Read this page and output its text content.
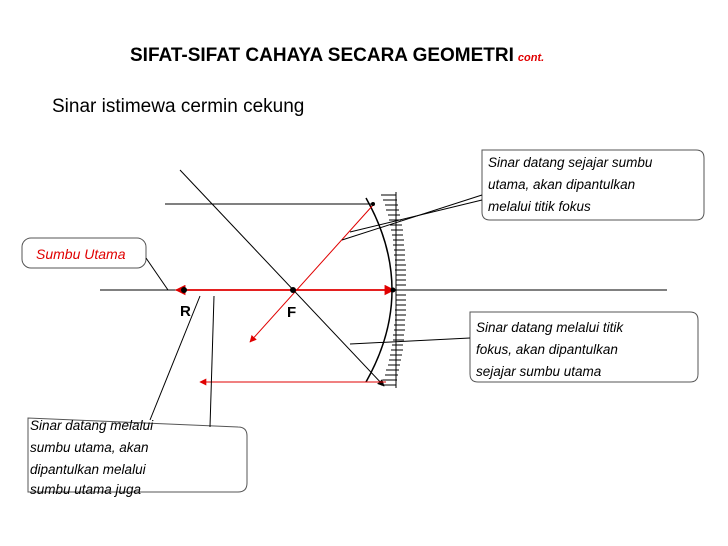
SIFAT-SIFAT CAHAYA SECARA GEOMETRI cont.
Sinar istimewa cermin cekung
R	F
Sumbu Utama
Sinar datang sejajar sumbu utama, akan dipantulkan melalui titik fokus
Sinar datang melalui titik fokus, akan dipantulkan sejajar sumbu utama
Sinar datang melalui sumbu utama, akan dipantulkan melalui sumbu utama juga
